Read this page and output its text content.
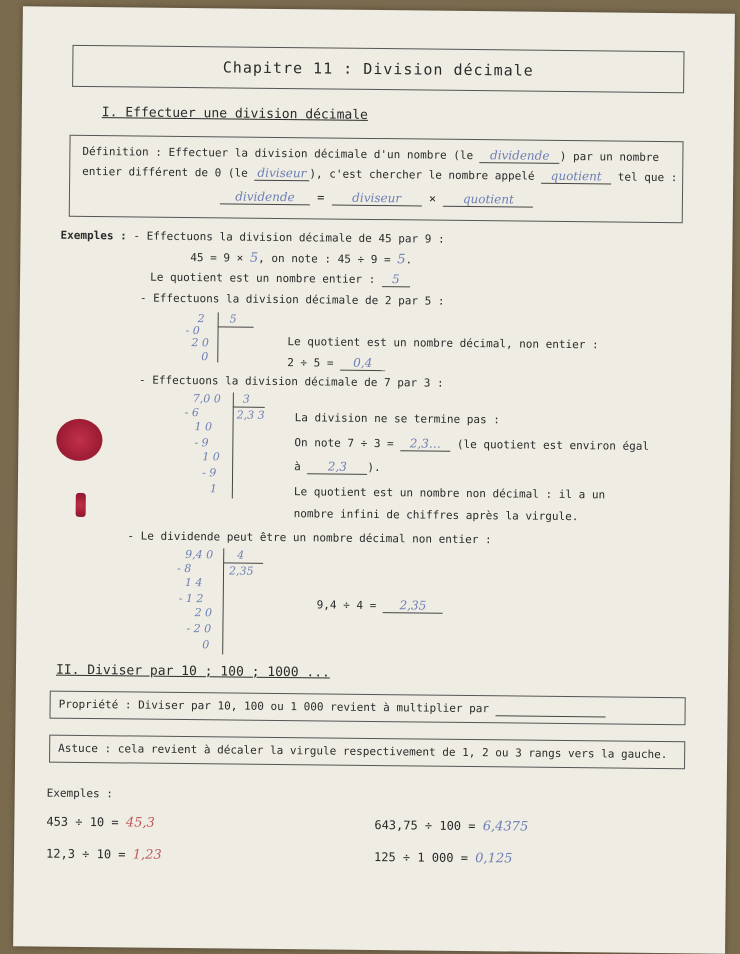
Chapitre 11 : Division décimale
I. Effectuer une division décimale
Définition : Effectuer la division décimale d'un nombre (le dividende ) par un nombre
entier différent de 0 (le diviseur ), c'est chercher le nombre appelé quotient tel que :
dividende = diviseur × quotient
Exemples : - Effectuons la division décimale de 45 par 9 :
45 = 9 × 5, on note : 45 ÷ 9 = 5.
Le quotient est un nombre entier : 5
- Effectuons la division décimale de 2 par 5 :
2
- 0
2 0
0
5
Le quotient est un nombre décimal, non entier :
2 ÷ 5 = 0,4
- Effectuons la division décimale de 7 par 3 :
7,0 0
- 6
1 0
- 9
1 0
- 9
1
3
2,3 3	La division ne se termine pas :
On note 7 ÷ 3 = 2,3… (le quotient est environ égal
à 2,3 ).
Le quotient est un nombre non décimal : il a un
nombre infini de chiffres après la virgule.
- Le dividende peut être un nombre décimal non entier :
9,4 0
- 8
1 4
- 1 2
2 0
- 2 0
0
4
2,35
9,4 ÷ 4 = 2,35
II. Diviser par 10 ; 100 ; 1000 ...
Propriété : Diviser par 10, 100 ou 1 000 revient à multiplier par
Astuce : cela revient à décaler la virgule respectivement de 1, 2 ou 3 rangs vers la gauche.
Exemples :
453 ÷ 10 = 45,3
12,3 ÷ 10 = 1,23
643,75 ÷ 100 = 6,4375
125 ÷ 1 000 = 0,125
